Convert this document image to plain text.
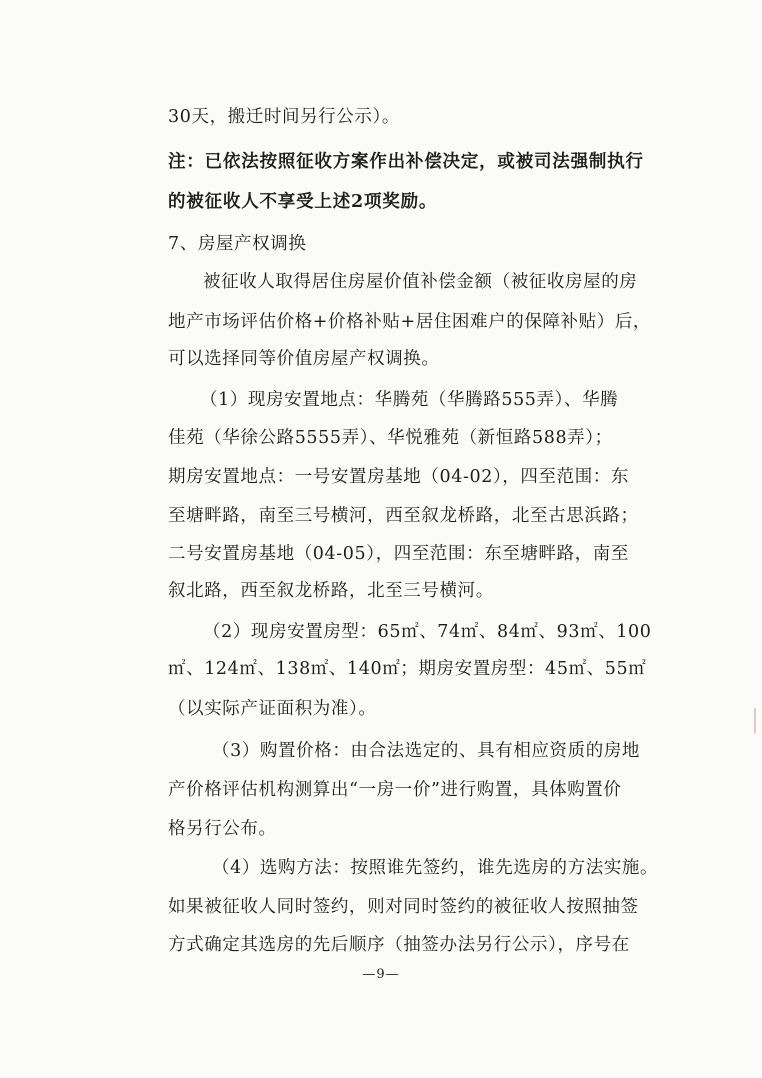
30天，搬迁时间另行公示）。
注：已依法按照征收方案作出补偿决定，或被司法强制执行
的被征收人不享受上述2项奖励。
7、房屋产权调换
被征收人取得居住房屋价值补偿金额（被征收房屋的房
地产市场评估价格+价格补贴+居住困难户的保障补贴）后，
可以选择同等价值房屋产权调换。
（1）现房安置地点：华腾苑（华腾路555弄）、华腾
佳苑（华徐公路5555弄）、华悦雅苑（新恒路588弄）；
期房安置地点：一号安置房基地（04-02），四至范围：东
至塘畔路，南至三号横河，西至叙龙桥路，北至古思浜路；
二号安置房基地（04-05），四至范围：东至塘畔路，南至
叙北路，西至叙龙桥路，北至三号横河。
（2）现房安置房型：65㎡、74㎡、84㎡、93㎡、100
㎡、124㎡、138㎡、140㎡；期房安置房型：45㎡、55㎡
（以实际产证面积为准）。
（3）购置价格：由合法选定的、具有相应资质的房地
产价格评估机构测算出“一房一价”进行购置，具体购置价
格另行公布。
（4）选购方法：按照谁先签约，谁先选房的方法实施。
如果被征收人同时签约，则对同时签约的被征收人按照抽签
方式确定其选房的先后顺序（抽签办法另行公示），序号在
—9—
